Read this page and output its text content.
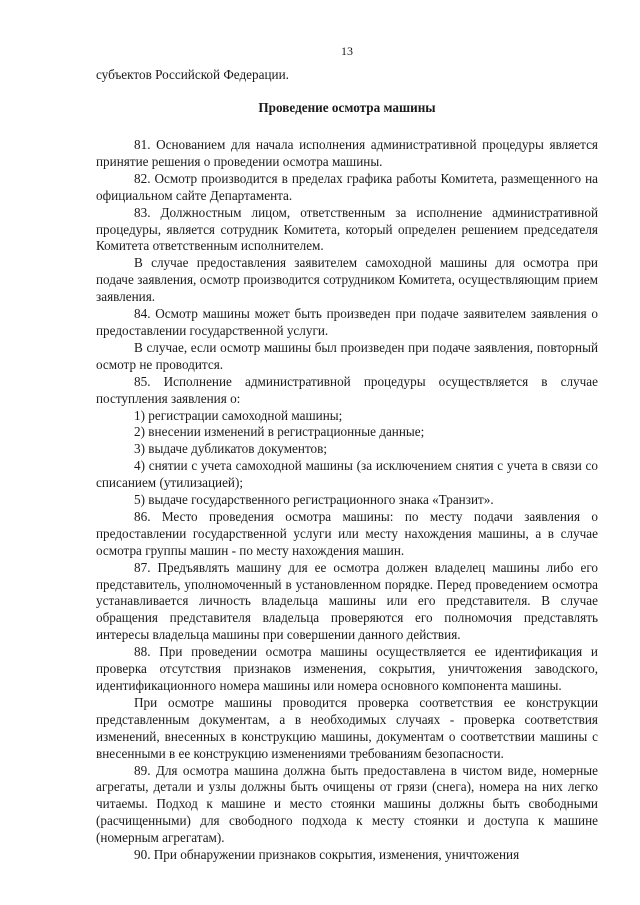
13

субъектов Российской Федерации.

Проведение осмотра машины

81. Основанием для начала исполнения административной процедуры является принятие решения о проведении осмотра машины.

82. Осмотр производится в пределах графика работы Комитета, размещенного на официальном сайте Департамента.

83. Должностным лицом, ответственным за исполнение административной процедуры, является сотрудник Комитета, который определен решением председателя Комитета ответственным исполнителем.

В случае предоставления заявителем самоходной машины для осмотра при подаче заявления, осмотр производится сотрудником Комитета, осуществляющим прием заявления.

84. Осмотр машины может быть произведен при подаче заявителем заявления о предоставлении государственной услуги.

В случае, если осмотр машины был произведен при подаче заявления, повторный осмотр не проводится.

85. Исполнение административной процедуры осуществляется в случае поступления заявления о:

1) регистрации самоходной машины;

2) внесении изменений в регистрационные данные;

3) выдаче дубликатов документов;

4) снятии с учета самоходной машины (за исключением снятия с учета в связи со списанием (утилизацией);

5) выдаче государственного регистрационного знака «Транзит».

86. Место проведения осмотра машины: по месту подачи заявления о предоставлении государственной услуги или месту нахождения машины, а в случае осмотра группы машин - по месту нахождения машин.

87. Предъявлять машину для ее осмотра должен владелец машины либо его представитель, уполномоченный в установленном порядке. Перед проведением осмотра устанавливается личность владельца машины или его представителя. В случае обращения представителя владельца проверяются его полномочия представлять интересы владельца машины при совершении данного действия.

88. При проведении осмотра машины осуществляется ее идентификация и проверка отсутствия признаков изменения, сокрытия, уничтожения заводского, идентификационного номера машины или номера основного компонента машины.

При осмотре машины проводится проверка соответствия ее конструкции представленным документам, а в необходимых случаях - проверка соответствия изменений, внесенных в конструкцию машины, документам о соответствии машины с внесенными в ее конструкцию изменениями требованиям безопасности.

89. Для осмотра машина должна быть предоставлена в чистом виде, номерные агрегаты, детали и узлы должны быть очищены от грязи (снега), номера на них легко читаемы. Подход к машине и место стоянки машины должны быть свободными (расчищенными) для свободного подхода к месту стоянки и доступа к машине (номерным агрегатам).

90. При обнаружении признаков сокрытия, изменения, уничтожения
